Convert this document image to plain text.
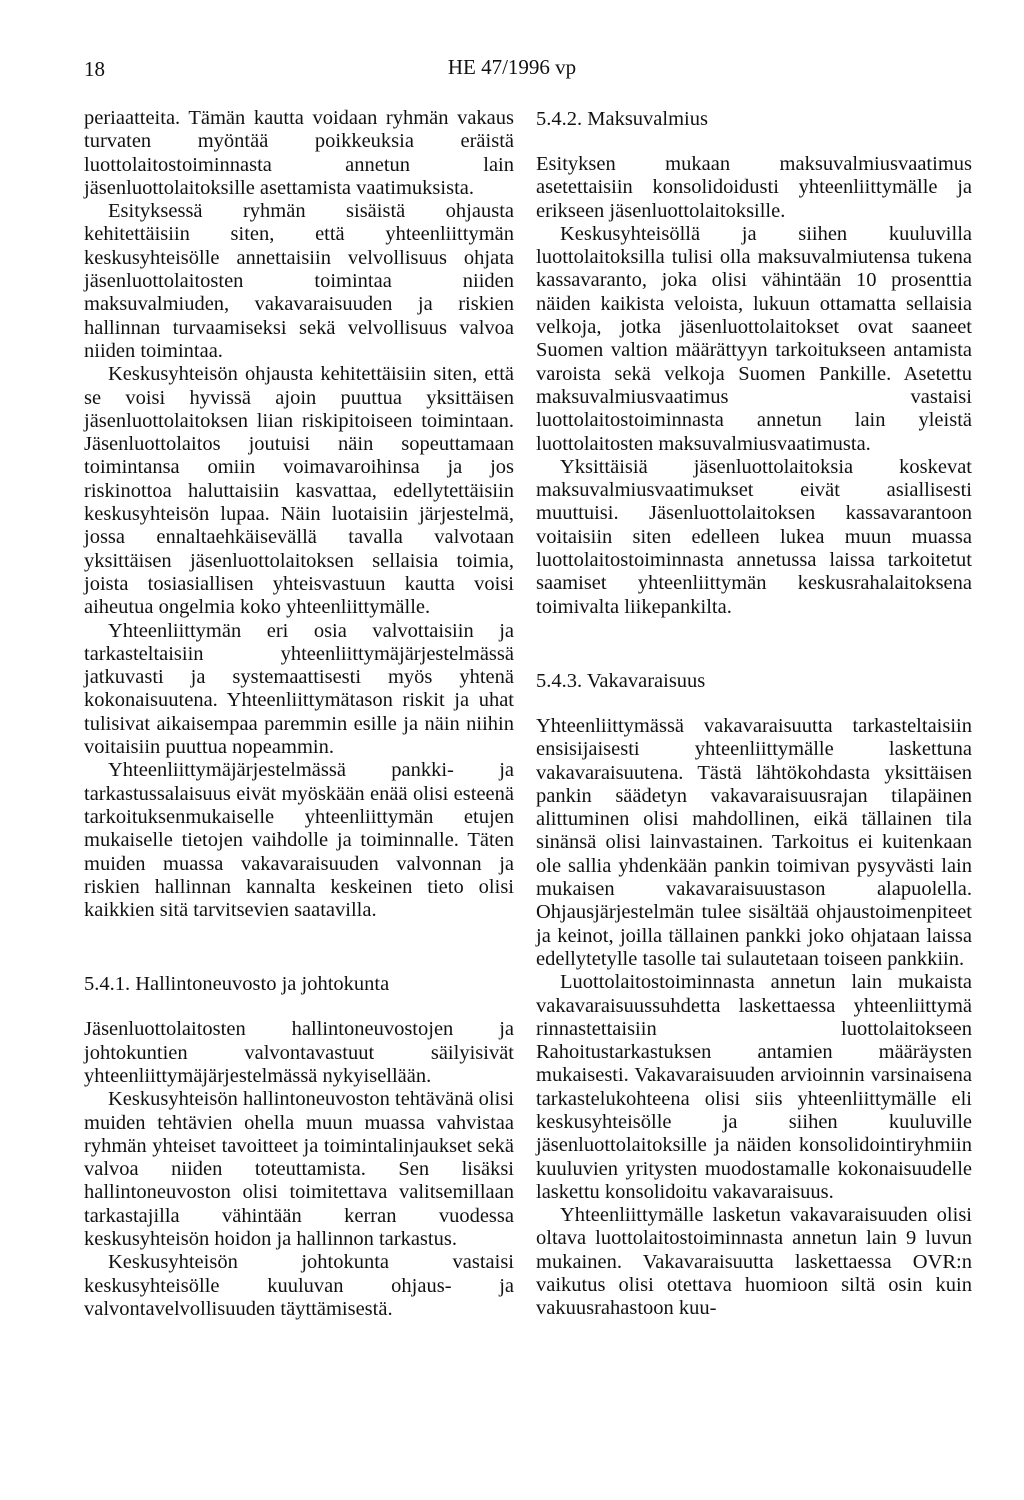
18	HE 47/1996 vp

periaatteita. Tämän kautta voidaan ryhmän vakaus turvaten myöntää poikkeuksia eräistä luottolaitostoiminnasta annetun lain jäsenluottolaitoksille asettamista vaatimuksista.

Esityksessä ryhmän sisäistä ohjausta kehitettäisiin siten, että yhteenliittymän keskusyhteisölle annettaisiin velvollisuus ohjata jäsenluottolaitosten toimintaa niiden maksuvalmiuden, vakavaraisuuden ja riskien hallinnan turvaamiseksi sekä velvollisuus valvoa niiden toimintaa.

Keskusyhteisön ohjausta kehitettäisiin siten, että se voisi hyvissä ajoin puuttua yksittäisen jäsenluottolaitoksen liian riskipitoiseen toimintaan. Jäsenluottolaitos joutuisi näin sopeuttamaan toimintansa omiin voimavaroihinsa ja jos riskinottoa haluttaisiin kasvattaa, edellytettäisiin keskusyhteisön lupaa. Näin luotaisiin järjestelmä, jossa ennaltaehkäisevällä tavalla valvotaan yksittäisen jäsenluottolaitoksen sellaisia toimia, joista tosiasiallisen yhteisvastuun kautta voisi aiheutua ongelmia koko yhteenliittymälle.

Yhteenliittymän eri osia valvottaisiin ja tarkasteltaisiin yhteenliittymäjärjestelmässä jatkuvasti ja systemaattisesti myös yhtenä kokonaisuutena. Yhteenliittymätason riskit ja uhat tulisivat aikaisempaa paremmin esille ja näin niihin voitaisiin puuttua nopeammin.

Yhteenliittymäjärjestelmässä pankki- ja tarkastussalaisuus eivät myöskään enää olisi esteenä tarkoituksenmukaiselle yhteenliittymän etujen mukaiselle tietojen vaihdolle ja toiminnalle. Täten muiden muassa vakavaraisuuden valvonnan ja riskien hallinnan kannalta keskeinen tieto olisi kaikkien sitä tarvitsevien saatavilla.

5.4.1. Hallintoneuvosto ja johtokunta

Jäsenluottolaitosten hallintoneuvostojen ja johtokuntien valvontavastuut säilyisivät yhteenliittymäjärjestelmässä nykyisellään.

Keskusyhteisön hallintoneuvoston tehtävänä olisi muiden tehtävien ohella muun muassa vahvistaa ryhmän yhteiset tavoitteet ja toimintalinjaukset sekä valvoa niiden toteuttamista. Sen lisäksi hallintoneuvoston olisi toimitettava valitsemillaan tarkastajilla vähintään kerran vuodessa keskusyhteisön hoidon ja hallinnon tarkastus.

Keskusyhteisön johtokunta vastaisi keskusyhteisölle kuuluvan ohjaus- ja valvontavelvollisuuden täyttämisestä.

5.4.2. Maksuvalmius

Esityksen mukaan maksuvalmiusvaatimus asetettaisiin konsolidoidusti yhteenliittymälle ja erikseen jäsenluottolaitoksille.

Keskusyhteisöllä ja siihen kuuluvilla luottolaitoksilla tulisi olla maksuvalmiutensa tukena kassavaranto, joka olisi vähintään 10 prosenttia näiden kaikista veloista, lukuun ottamatta sellaisia velkoja, jotka jäsenluottolaitokset ovat saaneet Suomen valtion määrättyyn tarkoitukseen antamista varoista sekä velkoja Suomen Pankille. Asetettu maksuvalmiusvaatimus vastaisi luottolaitostoiminnasta annetun lain yleistä luottolaitosten maksuvalmiusvaatimusta.

Yksittäisiä jäsenluottolaitoksia koskevat maksuvalmiusvaatimukset eivät asiallisesti muuttuisi. Jäsenluottolaitoksen kassavarantoon voitaisiin siten edelleen lukea muun muassa luottolaitostoiminnasta annetussa laissa tarkoitetut saamiset yhteenliittymän keskusrahalaitoksena toimivalta liikepankilta.

5.4.3. Vakavaraisuus

Yhteenliittymässä vakavaraisuutta tarkasteltaisiin ensisijaisesti yhteenliittymälle laskettuna vakavaraisuutena. Tästä lähtökohdasta yksittäisen pankin säädetyn vakavaraisuusrajan tilapäinen alittuminen olisi mahdollinen, eikä tällainen tila sinänsä olisi lainvastainen. Tarkoitus ei kuitenkaan ole sallia yhdenkään pankin toimivan pysyvästi lain mukaisen vakavaraisuustason alapuolella. Ohjausjärjestelmän tulee sisältää ohjaustoimenpiteet ja keinot, joilla tällainen pankki joko ohjataan laissa edellytetylle tasolle tai sulautetaan toiseen pankkiin.

Luottolaitostoiminnasta annetun lain mukaista vakavaraisuussuhdetta laskettaessa yhteenliittymä rinnastettaisiin luottolaitokseen Rahoitustarkastuksen antamien määräysten mukaisesti. Vakavaraisuuden arvioinnin varsinaisena tarkastelukohteena olisi siis yhteenliittymälle eli keskusyhteisölle ja siihen kuuluville jäsenluottolaitoksille ja näiden konsolidointiryhmiin kuuluvien yritysten muodostamalle kokonaisuudelle laskettu konsolidoitu vakavaraisuus.

Yhteenliittymälle lasketun vakavaraisuuden olisi oltava luottolaitostoiminnasta annetun lain 9 luvun mukainen. Vakavaraisuutta laskettaessa OVR:n vaikutus olisi otettava huomioon siltä osin kuin vakuusrahastoon kuu-
